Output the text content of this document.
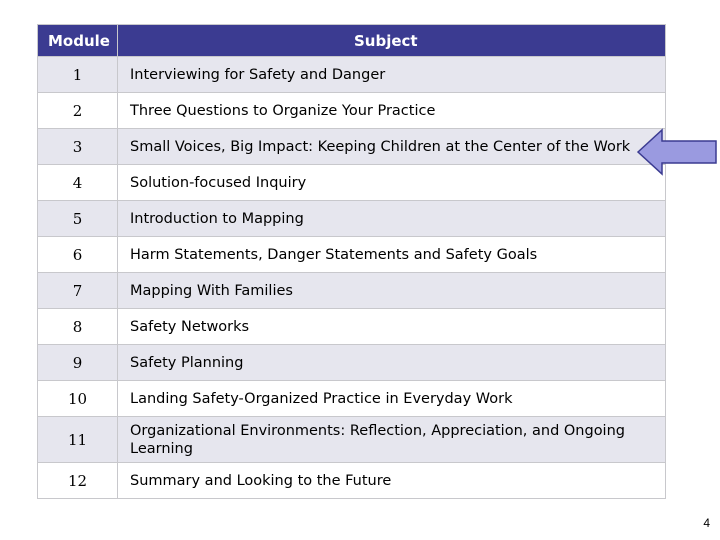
Module	Subject
1	Interviewing for Safety and Danger
2	Three Questions to Organize Your Practice
3	Small Voices, Big Impact: Keeping Children at the Center of the Work
4	Solution-focused Inquiry
5	Introduction to Mapping
6	Harm Statements, Danger Statements and Safety Goals
7	Mapping With Families
8	Safety Networks
9	Safety Planning
10	Landing Safety-Organized Practice in Everyday Work
11	Organizational Environments: Reflection, Appreciation, and Ongoing Learning
12	Summary and Looking to the Future
4
